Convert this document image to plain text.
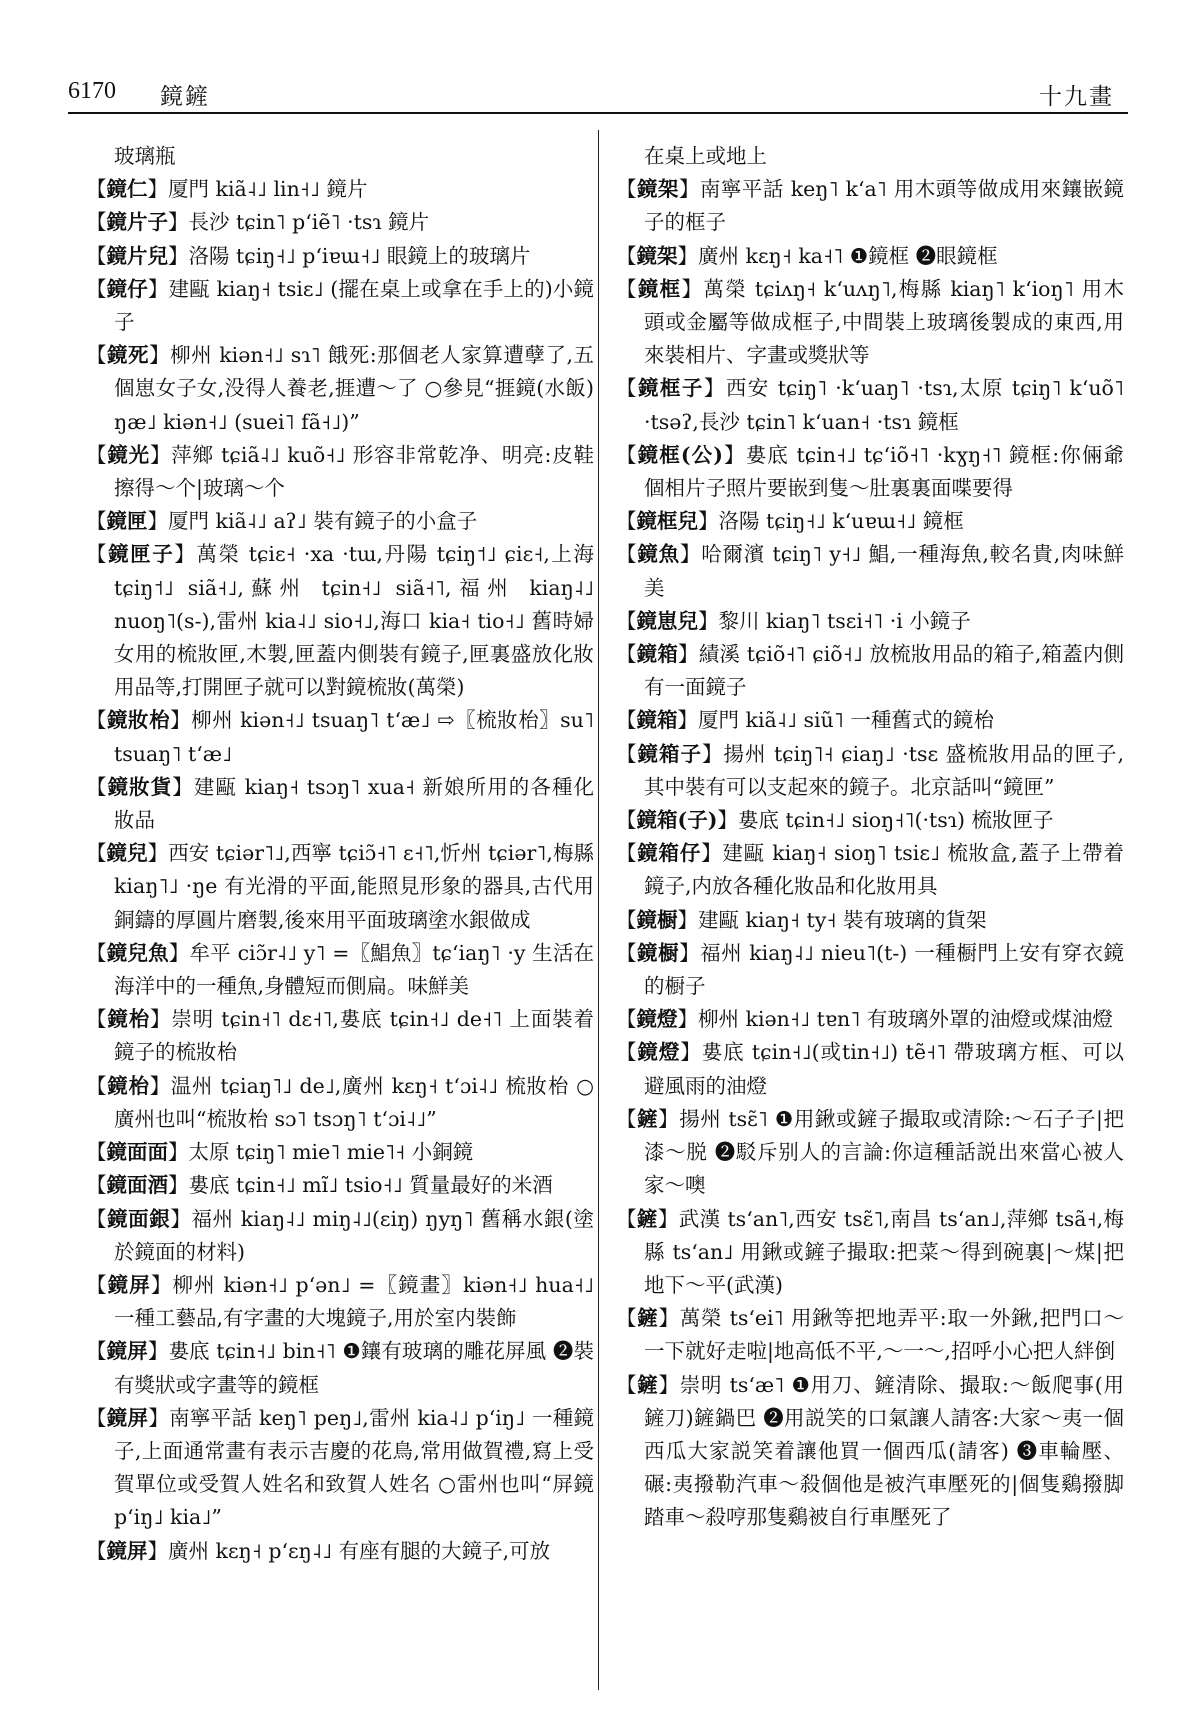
6170 鏡鏟	十九畫

玻璃瓶

【鏡仁】厦門 kiã˨˩ lin˧˩ 鏡片

【鏡片子】長沙 tɕin˥ pʻiẽ˥ ·tsɿ 鏡片

【鏡片兒】洛陽 tɕiŋ˧˩ pʻiɐɯ˧˩ 眼鏡上的玻璃片

【鏡仔】建甌 kiaŋ˧ tsiɛ˩ (擺在桌上或拿在手上的)小鏡子

【鏡死】柳州 kiən˧˩ sɿ˥ 餓死:那個老人家算遭孽了,五個崽女子女,没得人養老,捱遭～了 ○參見“捱鏡(水飯) ŋæ˩ kiən˧˩ (suei˥ fã˧˩)”

【鏡光】萍鄉 tɕiã˨˩ kuõ˧˩ 形容非常乾净、明亮:皮鞋擦得～个|玻璃～个

【鏡匣】厦門 kiã˨˩ aʔ˩ 裝有鏡子的小盒子

【鏡匣子】萬榮 tɕiɛ˧ ·xa ·tɯ,丹陽 tɕiŋ˦˩ ɕiɛ˧,上海 tɕiŋ˦˩ siã˧˩,蘇州 tɕin˧˩ siã˧˥,福州 kiaŋ˨˩ nuoŋ˥(s-),雷州 kia˨˩ sio˧˩,海口 kia˧ tio˧˩ 舊時婦女用的梳妝匣,木製,匣蓋内側裝有鏡子,匣裏盛放化妝用品等,打開匣子就可以對鏡梳妝(萬榮)

【鏡妝枱】柳州 kiən˧˩ tsuaŋ˥ tʻæ˩ ⇨〖梳妝枱〗su˥ tsuaŋ˥ tʻæ˩

【鏡妝貨】建甌 kiaŋ˧ tsɔŋ˥ xua˧ 新娘所用的各種化妝品

【鏡兒】西安 tɕiər˥˩,西寧 tɕiɔ̃˧˥ ɛ˧˥,忻州 tɕiər˥,梅縣 kiaŋ˥˩ ·ŋe 有光滑的平面,能照見形象的器具,古代用銅鑄的厚圓片磨製,後來用平面玻璃塗水銀做成

【鏡兒魚】牟平 ciɔ̃r˨˩ y˥ =〖鯧魚〗tɕʻiaŋ˥ ·y 生活在海洋中的一種魚,身體短而側扁。味鮮美

【鏡枱】崇明 tɕin˧˥ dɛ˧˥,婁底 tɕin˧˩ de˧˥ 上面裝着鏡子的梳妝枱

【鏡枱】温州 tɕiaŋ˥˩ de˩,廣州 kɛŋ˧ tʻɔi˨˩ 梳妝枱 ○廣州也叫“梳妝枱 sɔ˥ tsɔŋ˥ tʻɔi˨˩”

【鏡面面】太原 tɕiŋ˥ mie˥ mie˥˧ 小銅鏡

【鏡面酒】婁底 tɕin˧˩ mĩ˩ tsio˧˩ 質量最好的米酒

【鏡面銀】福州 kiaŋ˨˩ miŋ˨˩(ɛiŋ) ŋyŋ˥ 舊稱水銀(塗於鏡面的材料)

【鏡屏】柳州 kiən˧˩ pʻən˩ =〖鏡畫〗kiən˧˩ hua˧˩ 一種工藝品,有字畫的大塊鏡子,用於室内裝飾

【鏡屏】婁底 tɕin˧˩ bin˧˥ ❶鑲有玻璃的雕花屏風 ❷裝有獎狀或字畫等的鏡框

【鏡屏】南寧平話 keŋ˥ peŋ˩,雷州 kia˨˩ pʻiŋ˩ 一種鏡子,上面通常畫有表示吉慶的花鳥,常用做賀禮,寫上受賀單位或受賀人姓名和致賀人姓名 ○雷州也叫“屏鏡 pʻiŋ˩ kia˩”

【鏡屏】廣州 kɛŋ˧ pʻɛŋ˨˩ 有座有腿的大鏡子,可放

在桌上或地上

【鏡架】南寧平話 keŋ˥ kʻa˥ 用木頭等做成用來鑲嵌鏡子的框子

【鏡架】廣州 kɛŋ˧ ka˧˥ ❶鏡框 ❷眼鏡框

【鏡框】萬榮 tɕiʌŋ˧ kʻuʌŋ˥,梅縣 kiaŋ˥ kʻioŋ˥ 用木頭或金屬等做成框子,中間裝上玻璃後製成的東西,用來裝相片、字畫或獎狀等

【鏡框子】西安 tɕiŋ˥ ·kʻuaŋ˥ ·tsɿ,太原 tɕiŋ˥ kʻuõ˥ ·tsəʔ,長沙 tɕin˥ kʻuan˧ ·tsɿ 鏡框

【鏡框(公)】婁底 tɕin˧˩ tɕʻiõ˧˥ ·kɣŋ˧˥ 鏡框:你倆爺個相片子照片要嵌到隻～肚裏裏面喋要得

【鏡框兒】洛陽 tɕiŋ˧˩ kʻuɐɯ˧˩ 鏡框

【鏡魚】哈爾濱 tɕiŋ˥ y˧˩ 鯧,一種海魚,較名貴,肉味鮮美

【鏡崽兒】黎川 kiaŋ˥ tsɛi˧˥ ·i 小鏡子

【鏡箱】績溪 tɕiõ˧˥ ɕiõ˧˩ 放梳妝用品的箱子,箱蓋内側有一面鏡子

【鏡箱】厦門 kiã˨˩ siũ˥ 一種舊式的鏡枱

【鏡箱子】揚州 tɕiŋ˥˧ ɕiaŋ˩ ·tsɛ 盛梳妝用品的匣子,其中裝有可以支起來的鏡子。北京話叫“鏡匣”

【鏡箱(子)】婁底 tɕin˧˩ sioŋ˧˥(·tsɿ) 梳妝匣子

【鏡箱仔】建甌 kiaŋ˧ sioŋ˥ tsiɛ˩ 梳妝盒,蓋子上帶着鏡子,内放各種化妝品和化妝用具

【鏡橱】建甌 kiaŋ˧ ty˧ 裝有玻璃的貨架

【鏡橱】福州 kiaŋ˨˩ nieu˥(t-) 一種橱門上安有穿衣鏡的橱子

【鏡燈】柳州 kiən˧˩ tɐn˥ 有玻璃外罩的油燈或煤油燈

【鏡燈】婁底 tɕin˧˩(或tin˧˩) tẽ˧˥ 帶玻璃方框、可以避風雨的油燈

【鏟】揚州 tsɛ̃˥ ❶用鍬或鏟子撮取或清除:～石子子|把漆～脱 ❷駁斥别人的言論:你這種話説出來當心被人家～噢

【鏟】武漢 tsʻan˥,西安 tsɛ̃˥,南昌 tsʻan˩,萍鄉 tsã˧,梅縣 tsʻan˩ 用鍬或鏟子撮取:把菜～得到碗裏|～煤|把地下～平(武漢)

【鏟】萬榮 tsʻei˥ 用鍬等把地弄平:取一外鍬,把門口～一下就好走啦|地高低不平,～一～,招呼小心把人絆倒

【鏟】崇明 tsʻæ˥ ❶用刀、鏟清除、撮取:～飯爬事(用鏟刀)鏟鍋巴 ❷用説笑的口氣讓人請客:大家～夷一個西瓜大家説笑着讓他買一個西瓜(請客) ❸車輪壓、碾:夷撥勒汽車～殺個他是被汽車壓死的|個隻鷄撥脚踏車～殺哼那隻鷄被自行車壓死了
